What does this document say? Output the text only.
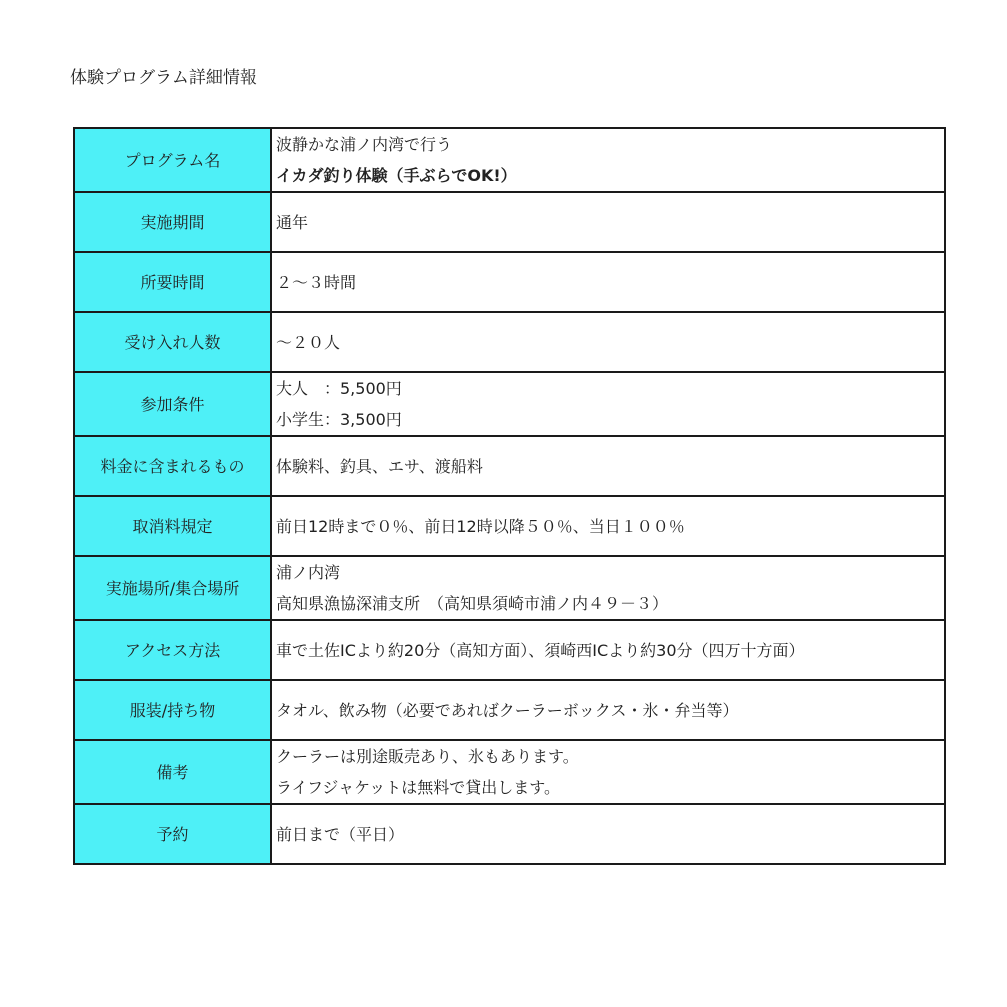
体験プログラム詳細情報
プログラム名	波静かな浦ノ内湾で行う
イカダ釣り体験（手ぶらでOK!）

実施期間	通年

所要時間	２～３時間

受け入れ人数	～２０人

参加条件	大人　：5,500円
小学生：3,500円

料金に含まれるもの	体験料、釣具、エサ、渡船料

取消料規定	前日12時まで０％、前日12時以降５０％、当日１００％

実施場所/集合場所	浦ノ内湾
高知県漁協深浦支所　（高知県須崎市浦ノ内４９－３）

アクセス方法	車で土佐ICより約20分（高知方面）、須崎西ICより約30分（四万十方面）

服装/持ち物	タオル、飲み物（必要であればクーラーボックス・氷・弁当等）

備考	クーラーは別途販売あり、氷もあります。
ライフジャケットは無料で貸出します。

予約	前日まで（平日）
